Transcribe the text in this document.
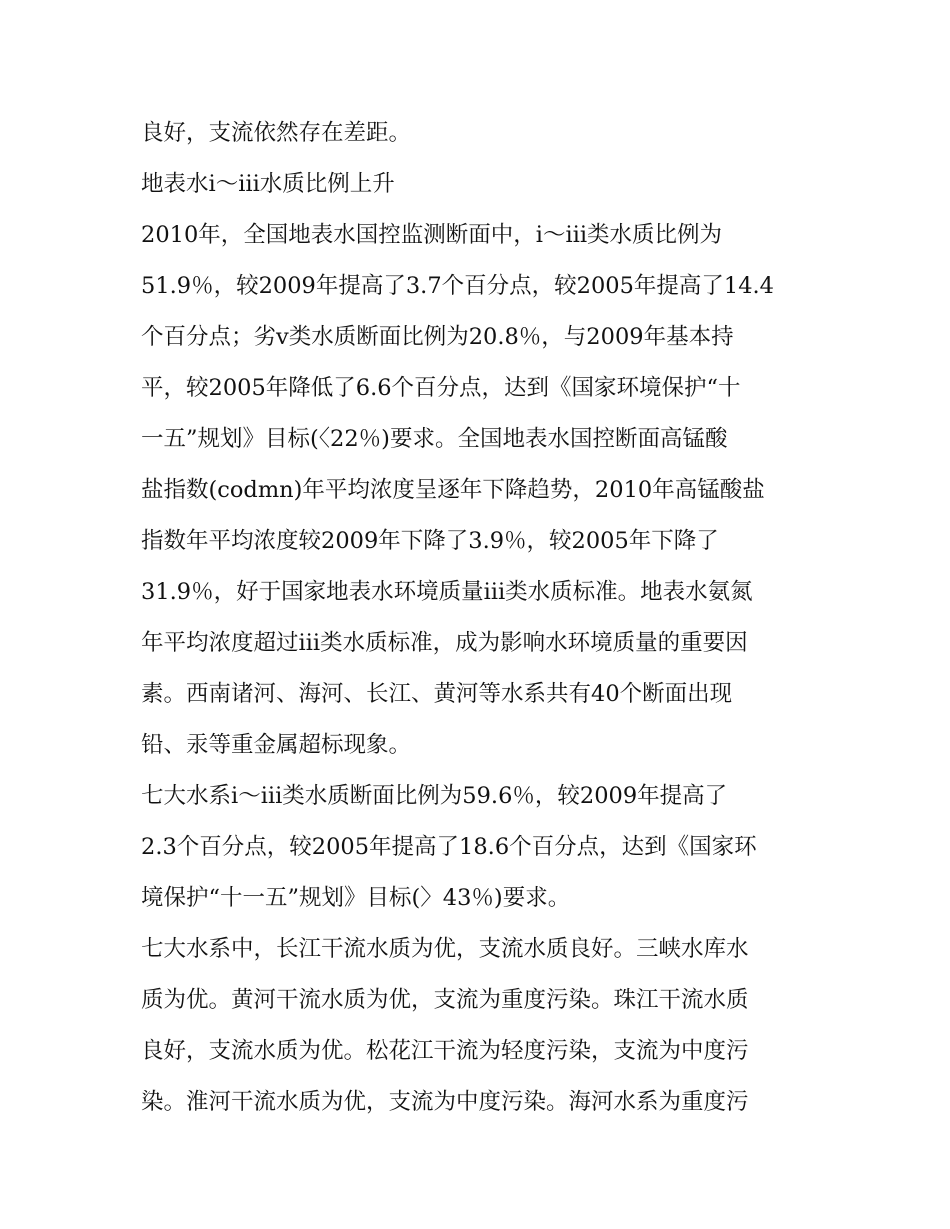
良好，支流依然存在差距。

地表水ⅰ～ⅲ水质比例上升

2010年，全国地表水国控监测断面中，ⅰ～ⅲ类水质比例为
51.9％，较2009年提高了3.7个百分点，较2005年提高了14.4
个百分点；劣ⅴ类水质断面比例为20.8％，与2009年基本持
平，较2005年降低了6.6个百分点，达到《国家环境保护“十
一五”规划》目标(〈22％)要求。全国地表水国控断面高锰酸
盐指数(codmn)年平均浓度呈逐年下降趋势，2010年高锰酸盐
指数年平均浓度较2009年下降了3.9％，较2005年下降了
31.9％，好于国家地表水环境质量ⅲ类水质标准。地表水氨氮
年平均浓度超过ⅲ类水质标准，成为影响水环境质量的重要因
素。西南诸河、海河、长江、黄河等水系共有40个断面出现
铅、汞等重金属超标现象。

七大水系ⅰ～ⅲ类水质断面比例为59.6％，较2009年提高了
2.3个百分点，较2005年提高了18.6个百分点，达到《国家环
境保护“十一五”规划》目标(〉43％)要求。

七大水系中，长江干流水质为优，支流水质良好。三峡水库水
质为优。黄河干流水质为优，支流为重度污染。珠江干流水质
良好，支流水质为优。松花江干流为轻度污染，支流为中度污
染。淮河干流水质为优，支流为中度污染。海河水系为重度污
